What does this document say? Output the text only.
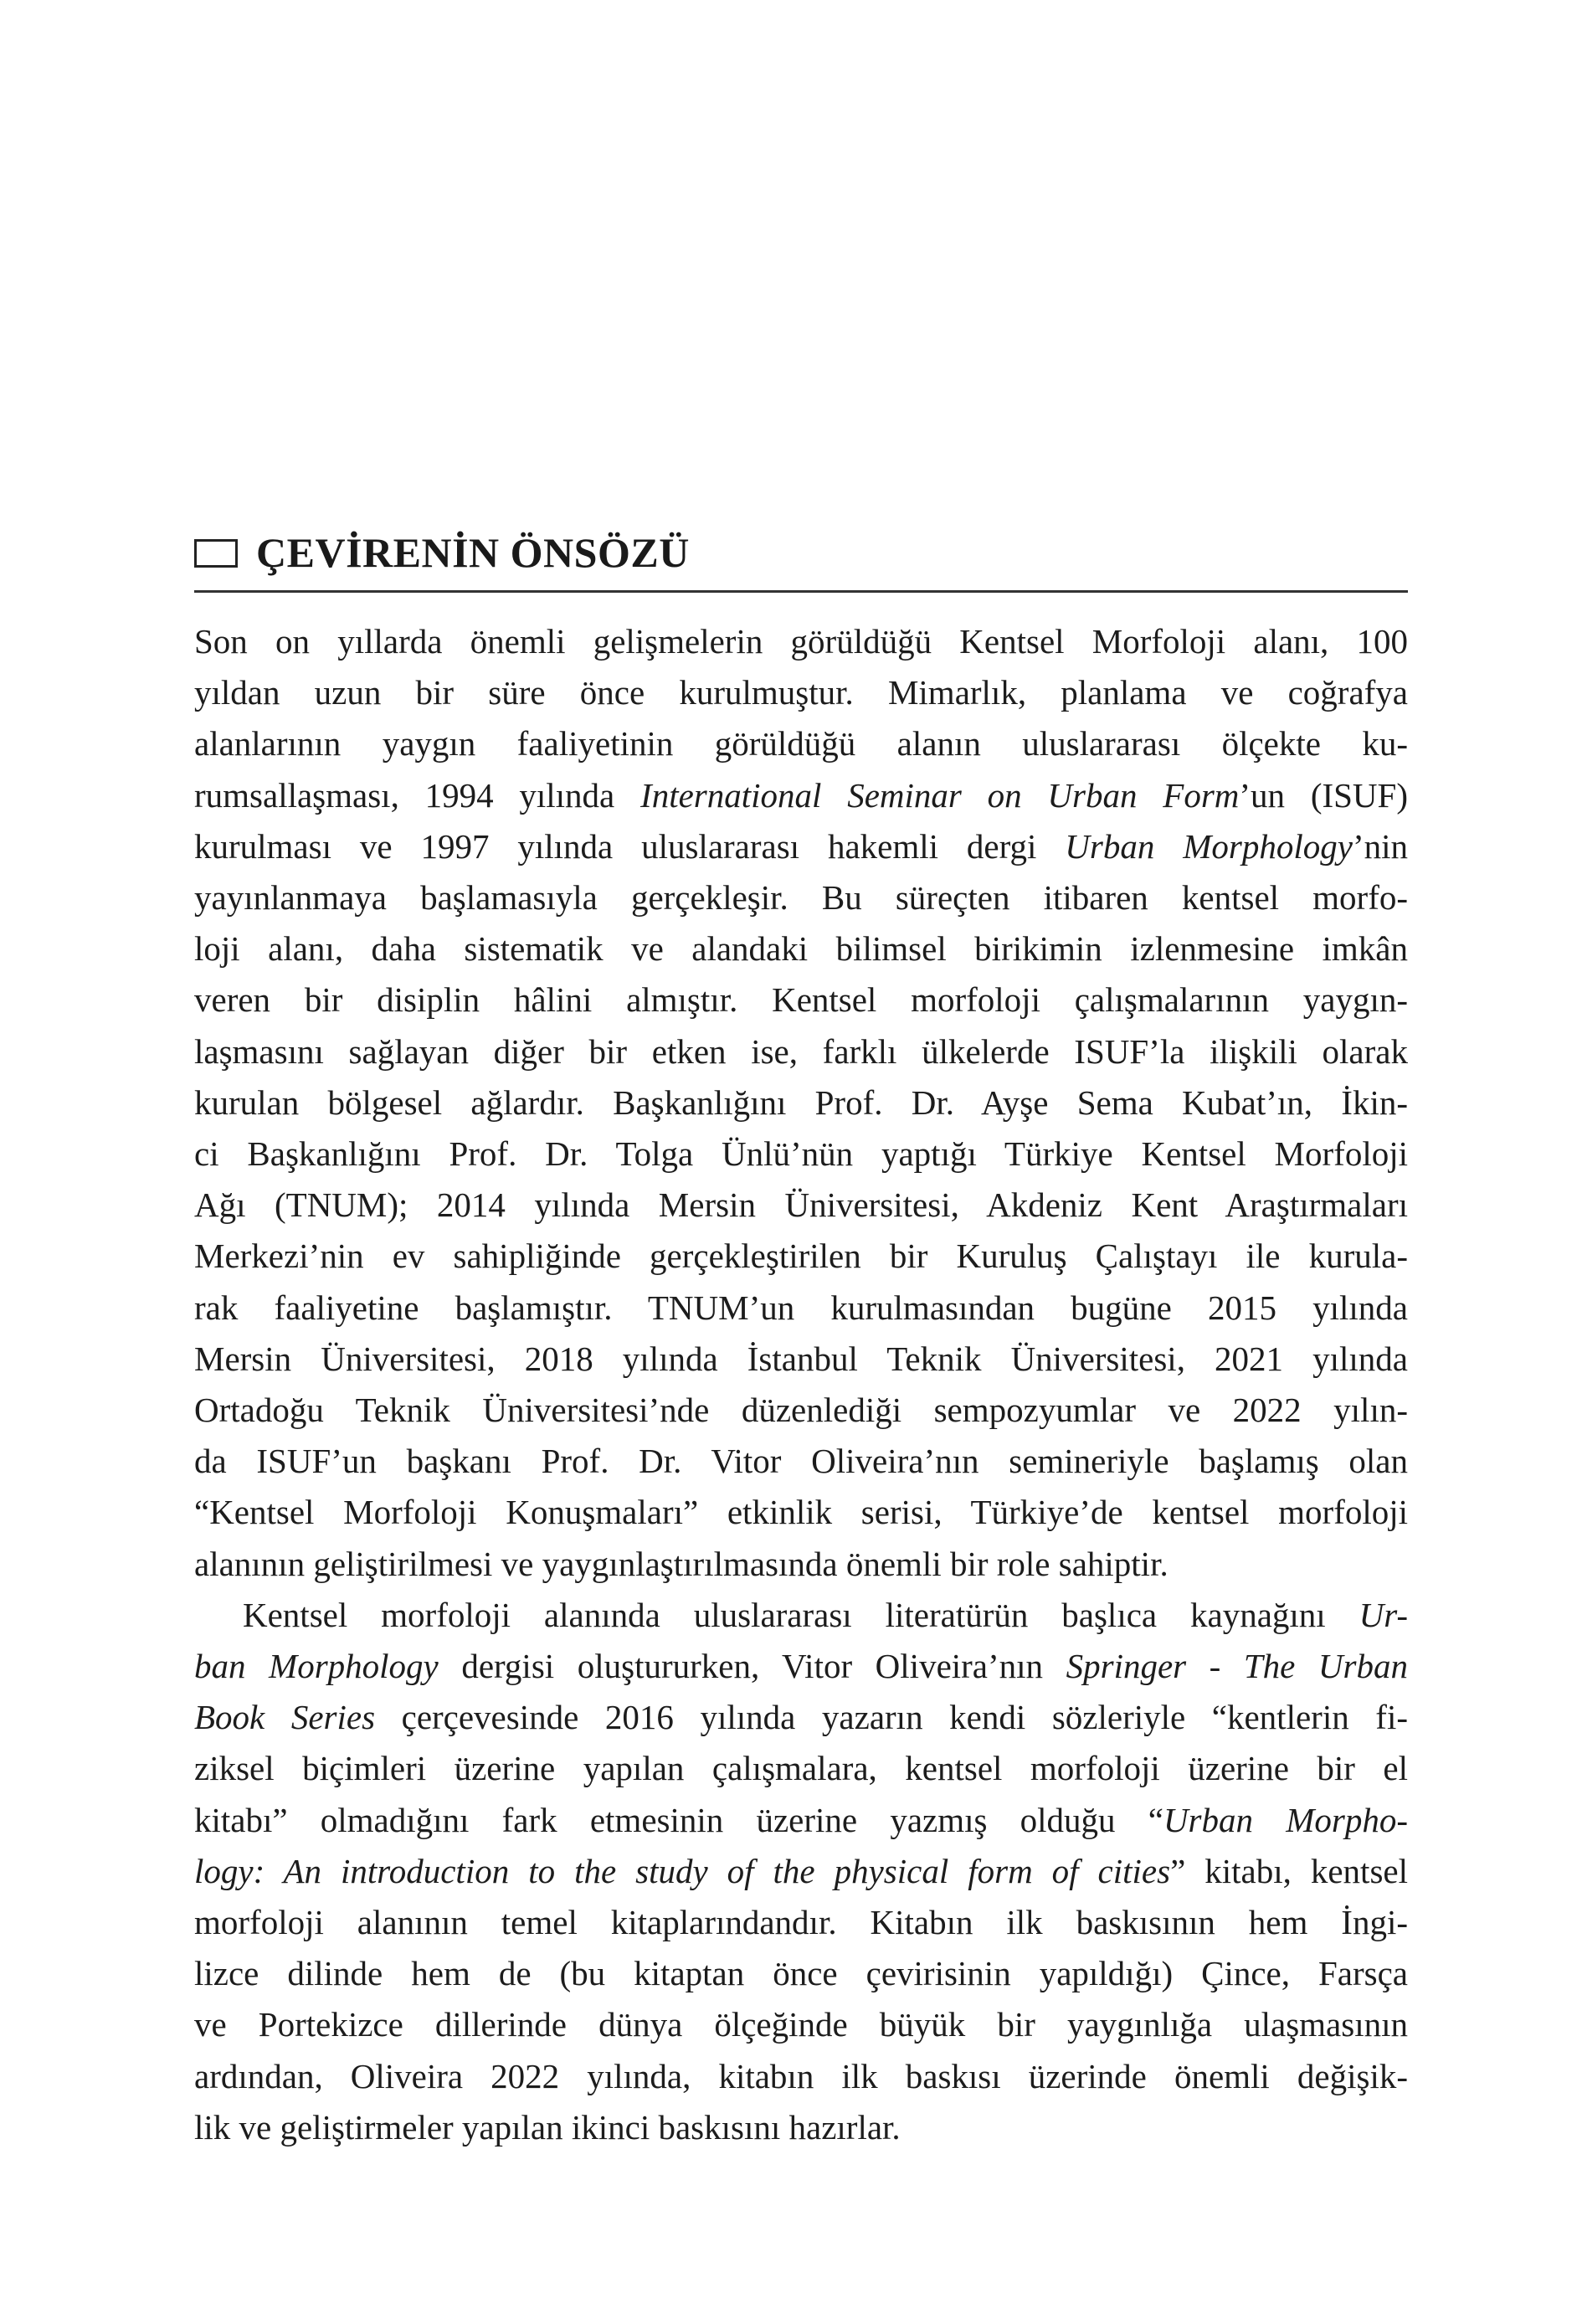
ÇEVİRENİN ÖNSÖZÜ
Son on yıllarda önemli gelişmelerin görüldüğü Kentsel Morfoloji alanı, 100
yıldan uzun bir süre önce kurulmuştur. Mimarlık, planlama ve coğrafya
alanlarının yaygın faaliyetinin görüldüğü alanın uluslararası ölçekte ku-
rumsallaşması, 1994 yılında International Seminar on Urban Form’un (ISUF)
kurulması ve 1997 yılında uluslararası hakemli dergi Urban Morphology’nin
yayınlanmaya başlamasıyla gerçekleşir. Bu süreçten itibaren kentsel morfo-
loji alanı, daha sistematik ve alandaki bilimsel birikimin izlenmesine imkân
veren bir disiplin hâlini almıştır. Kentsel morfoloji çalışmalarının yaygın-
laşmasını sağlayan diğer bir etken ise, farklı ülkelerde ISUF’la ilişkili olarak
kurulan bölgesel ağlardır. Başkanlığını Prof. Dr. Ayşe Sema Kubat’ın, İkin-
ci Başkanlığını Prof. Dr. Tolga Ünlü’nün yaptığı Türkiye Kentsel Morfoloji
Ağı (TNUM); 2014 yılında Mersin Üniversitesi, Akdeniz Kent Araştırmaları
Merkezi’nin ev sahipliğinde gerçekleştirilen bir Kuruluş Çalıştayı ile kurula-
rak faaliyetine başlamıştır. TNUM’un kurulmasından bugüne 2015 yılında
Mersin Üniversitesi, 2018 yılında İstanbul Teknik Üniversitesi, 2021 yılında
Ortadoğu Teknik Üniversitesi’nde düzenlediği sempozyumlar ve 2022 yılın-
da ISUF’un başkanı Prof. Dr. Vitor Oliveira’nın semineriyle başlamış olan
“Kentsel Morfoloji Konuşmaları” etkinlik serisi, Türkiye’de kentsel morfoloji
alanının geliştirilmesi ve yaygınlaştırılmasında önemli bir role sahiptir.
Kentsel morfoloji alanında uluslararası literatürün başlıca kaynağını Ur-
ban Morphology dergisi oluştururken, Vitor Oliveira’nın Springer - The Urban
Book Series çerçevesinde 2016 yılında yazarın kendi sözleriyle “kentlerin fi-
ziksel biçimleri üzerine yapılan çalışmalara, kentsel morfoloji üzerine bir el
kitabı” olmadığını fark etmesinin üzerine yazmış olduğu “Urban Morpho-
logy: An introduction to the study of the physical form of cities” kitabı, kentsel
morfoloji alanının temel kitaplarındandır. Kitabın ilk baskısının hem İngi-
lizce dilinde hem de (bu kitaptan önce çevirisinin yapıldığı) Çince, Farsça
ve Portekizce dillerinde dünya ölçeğinde büyük bir yaygınlığa ulaşmasının
ardından, Oliveira 2022 yılında, kitabın ilk baskısı üzerinde önemli değişik-
lik ve geliştirmeler yapılan ikinci baskısını hazırlar.
